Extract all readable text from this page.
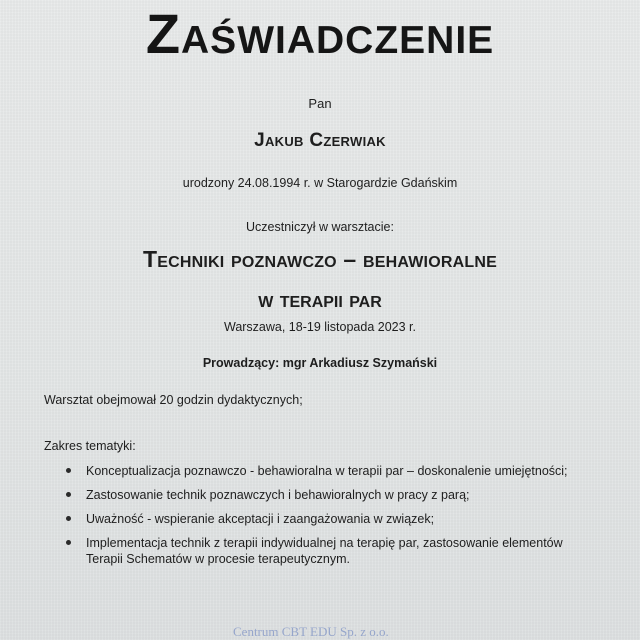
Zaświadczenie
Pan
Jakub Czerwiak
urodzony 24.08.1994 r. w Starogardzie Gdańskim
Uczestniczył w warsztacie:
Techniki poznawczo – behawioralne
w terapii par
Warszawa, 18-19 listopada 2023 r.
Prowadzący: mgr Arkadiusz Szymański
Warsztat obejmował 20 godzin dydaktycznych;
Zakres tematyki:
Konceptualizacja poznawczo - behawioralna w terapii par – doskonalenie umiejętności;
Zastosowanie technik poznawczych i behawioralnych w pracy z parą;
Uważność - wspieranie akceptacji i zaangażowania w związek;
Implementacja technik z terapii indywidualnej na terapię par, zastosowanie elementów Terapii Schematów w procesie terapeutycznym.
Centrum CBT EDU Sp. z o.o.
